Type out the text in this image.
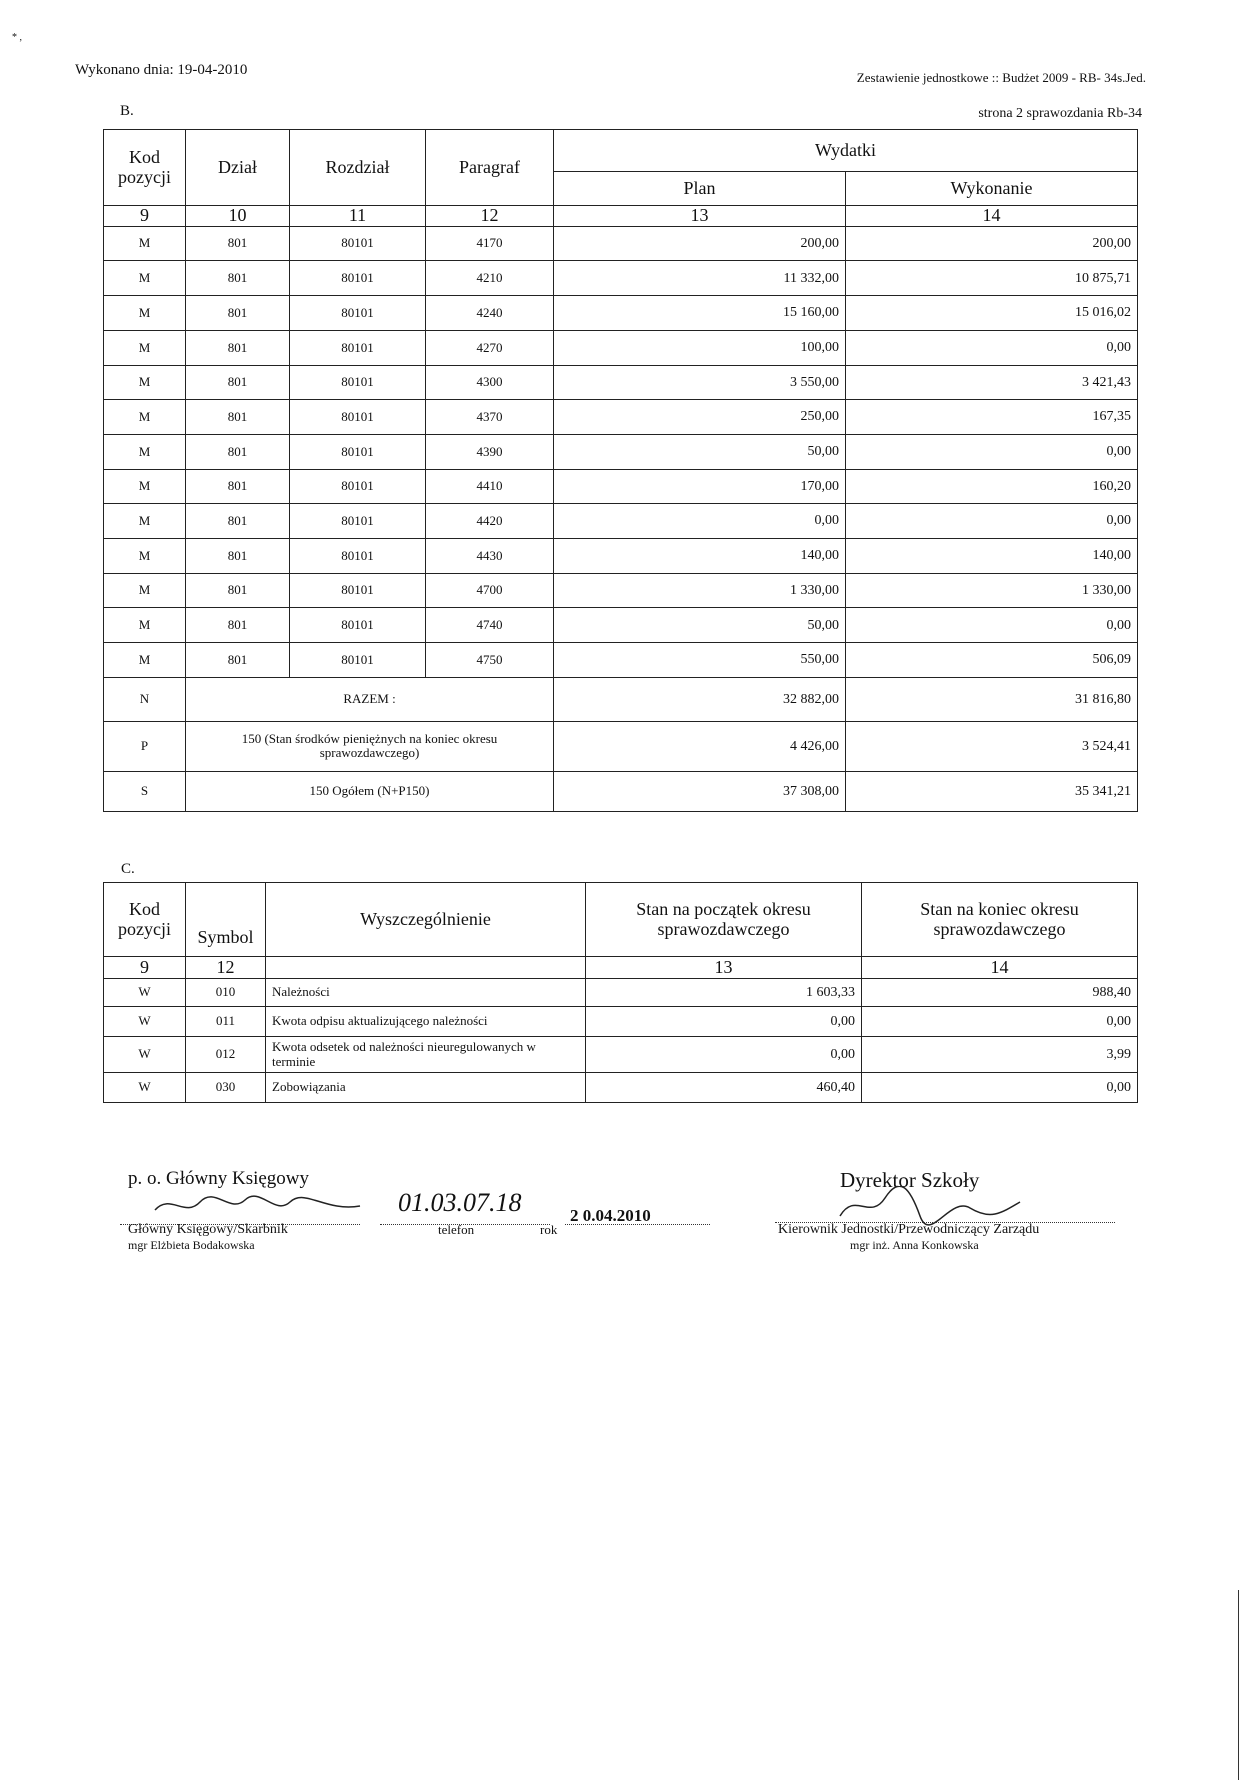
* ,
Wykonano dnia: 19-04-2010	Zestawienie jednostkowe :: Budżet 2009 - RB- 34s.Jed.
B.	strona 2 sprawozdania Rb-34
Kod pozycji	Dział	Rozdział	Paragraf	Wydatki	
				Plan	Wykonanie
9	10	11	12	13	14
M	801	80101	4170	200,00	200,00
M	801	80101	4210	11 332,00	10 875,71
M	801	80101	4240	15 160,00	15 016,02
M	801	80101	4270	100,00	0,00
M	801	80101	4300	3 550,00	3 421,43
M	801	80101	4370	250,00	167,35
M	801	80101	4390	50,00	0,00
M	801	80101	4410	170,00	160,20
M	801	80101	4420	0,00	0,00
M	801	80101	4430	140,00	140,00
M	801	80101	4700	1 330,00	1 330,00
M	801	80101	4740	50,00	0,00
M	801	80101	4750	550,00	506,09
N	RAZEM :			32 882,00	31 816,80
P	150 (Stan środków pieniężnych na koniec okresu sprawozdawczego)			4 426,00	3 524,41
S	150 Ogółem (N+P150)			37 308,00	35 341,21
C.
Kod pozycji	Symbol	Wyszczególnienie	Stan na początek okresu sprawozdawczego	Stan na koniec okresu sprawozdawczego
9	12		13	14
W	010	Należności	1 603,33	988,40
W	011	Kwota odpisu aktualizującego należności	0,00	0,00
W	012	Kwota odsetek od należności nieuregulowanych w terminie	0,00	3,99
W	030	Zobowiązania	460,40	0,00
p. o. Główny Księgowy
Główny Księgowy/Skarbnik
mgr Elżbieta Bodakowska
01.03.07.18
telefon	rok
2 0.04.2010
Dyrektor Szkoły
Kierownik Jednostki/Przewodniczący Zarządu
mgr inż. Anna Konkowska
